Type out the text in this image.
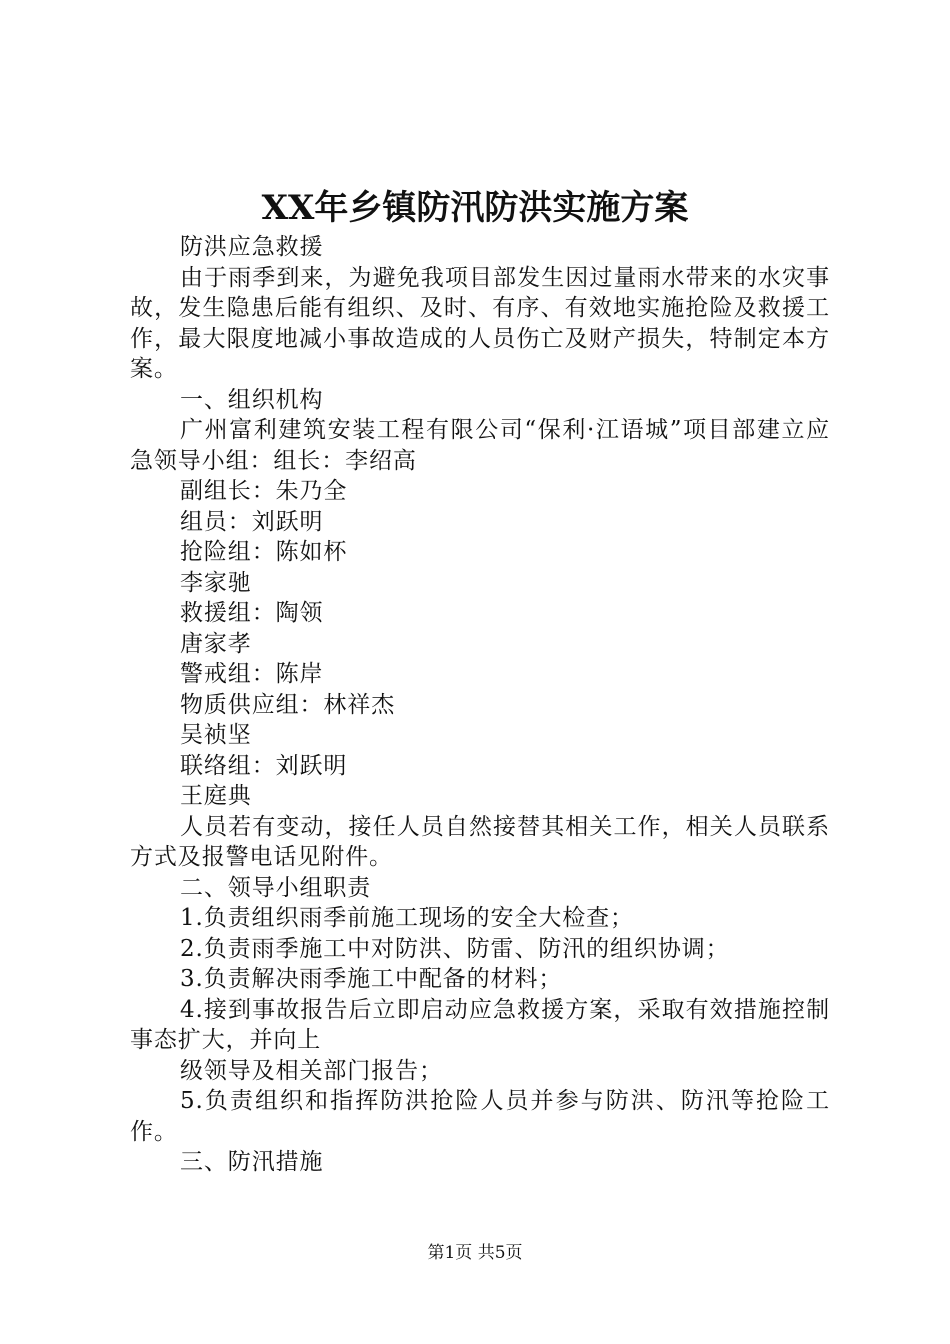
XX年乡镇防汛防洪实施方案

防洪应急救援

由于雨季到来，为避免我项目部发生因过量雨水带来的水灾事故，发生隐患后能有组织、及时、有序、有效地实施抢险及救援工作，最大限度地减小事故造成的人员伤亡及财产损失，特制定本方案。

一、组织机构

广州富利建筑安装工程有限公司“保利·江语城”项目部建立应急领导小组：组长：李绍高

副组长：朱乃全

组员：刘跃明

抢险组：陈如杯

李家驰

救援组：陶领

唐家孝

警戒组：陈岸

物质供应组：林祥杰

吴祯坚

联络组：刘跃明

王庭典

人员若有变动，接任人员自然接替其相关工作，相关人员联系方式及报警电话见附件。

二、领导小组职责

1.负责组织雨季前施工现场的安全大检查；

2.负责雨季施工中对防洪、防雷、防汛的组织协调；

3.负责解决雨季施工中配备的材料；

4.接到事故报告后立即启动应急救援方案，采取有效措施控制事态扩大，并向上

级领导及相关部门报告；

5.负责组织和指挥防洪抢险人员并参与防洪、防汛等抢险工作。

三、防汛措施

第1页 共5页
